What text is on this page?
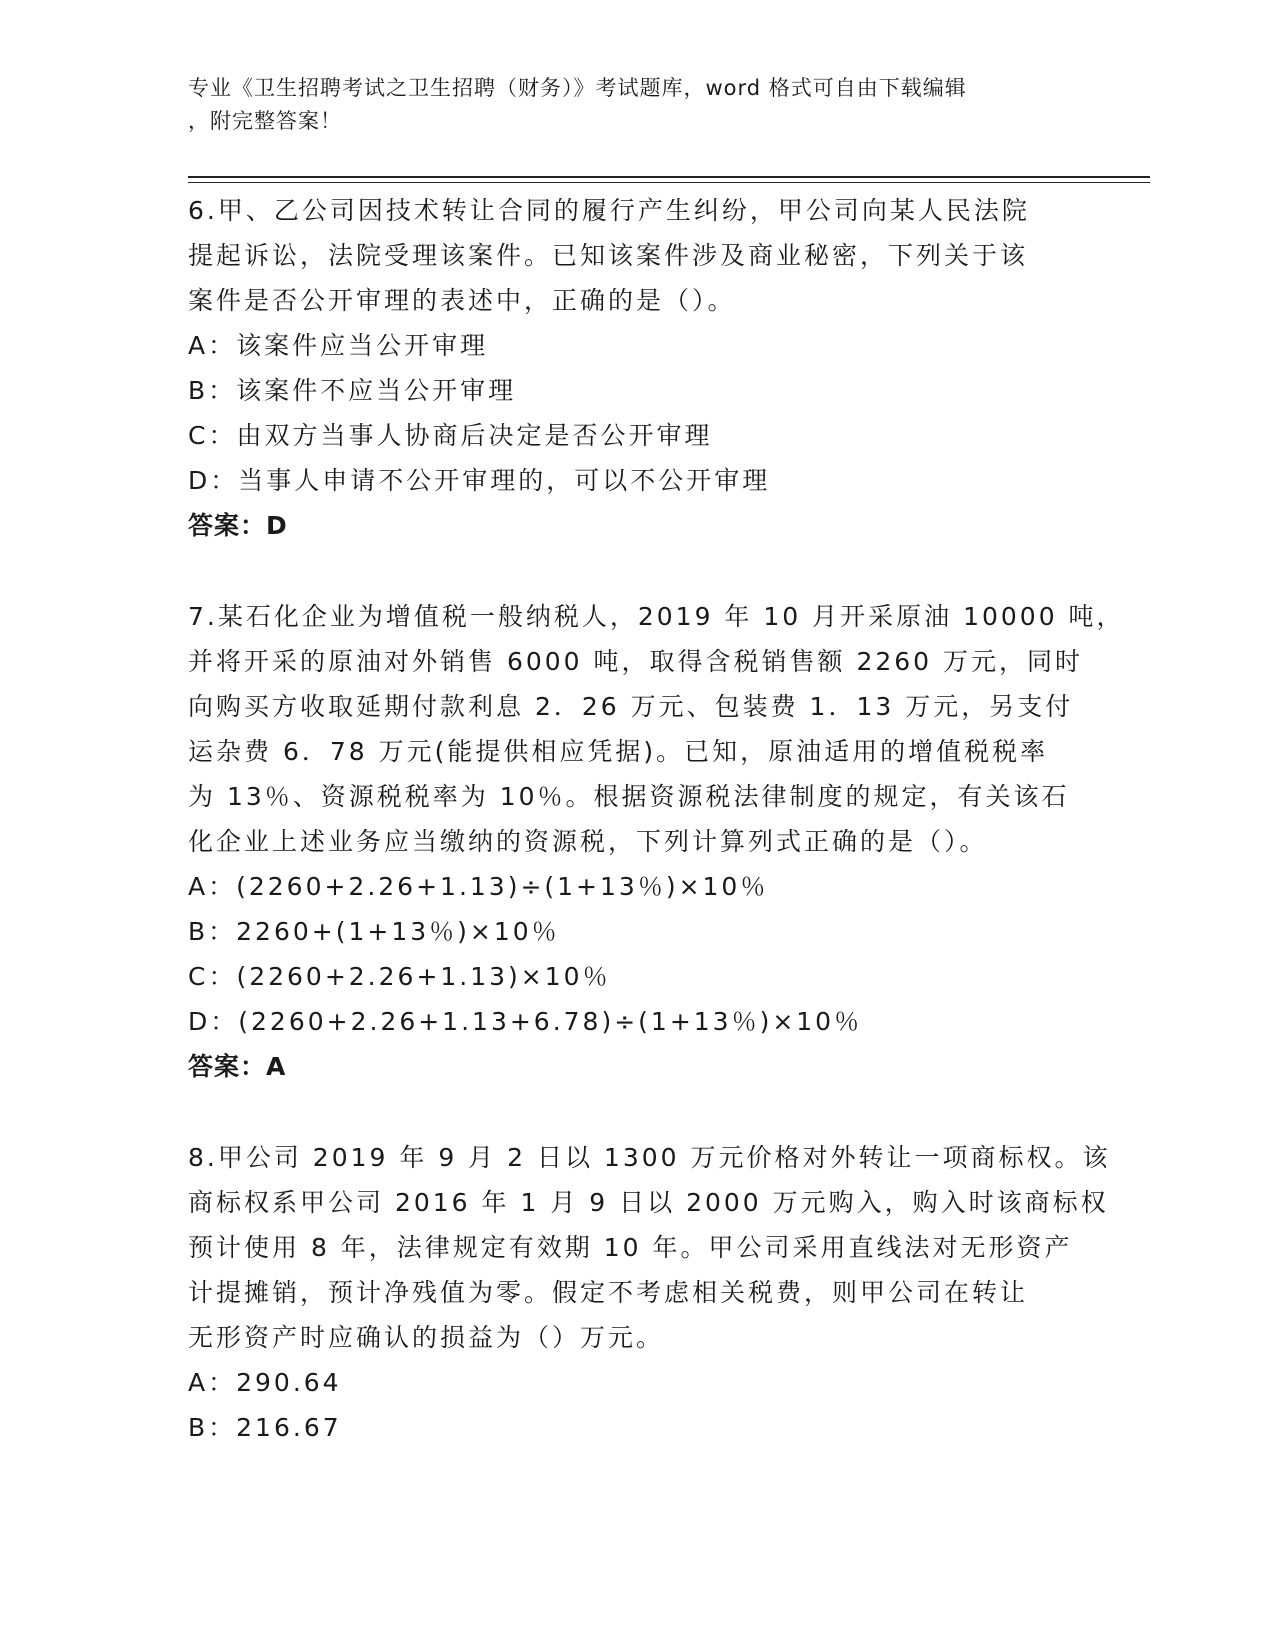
专业《卫生招聘考试之卫生招聘（财务）》考试题库，word 格式可自由下载编辑
，附完整答案！
6.甲、乙公司因技术转让合同的履行产生纠纷，甲公司向某人民法院
提起诉讼，法院受理该案件。已知该案件涉及商业秘密，下列关于该
案件是否公开审理的表述中，正确的是（）。
A：该案件应当公开审理
B：该案件不应当公开审理
C：由双方当事人协商后决定是否公开审理
D：当事人申请不公开审理的，可以不公开审理
答案：D
7.某石化企业为增值税一般纳税人，2019 年 10 月开采原油 10000 吨，
并将开采的原油对外销售 6000 吨，取得含税销售额 2260 万元，同时
向购买方收取延期付款利息 2．26 万元、包装费 1．13 万元，另支付
运杂费 6．78 万元(能提供相应凭据)。已知，原油适用的增值税税率
为 13％、资源税税率为 10％。根据资源税法律制度的规定，有关该石
化企业上述业务应当缴纳的资源税，下列计算列式正确的是（）。
A：(2260+2.26+1.13)÷(1+13％)×10％
B：2260+(1+13％)×10％
C：(2260+2.26+1.13)×10％
D：(2260+2.26+1.13+6.78)÷(1+13％)×10％
答案：A
8.甲公司 2019 年 9 月 2 日以 1300 万元价格对外转让一项商标权。该
商标权系甲公司 2016 年 1 月 9 日以 2000 万元购入，购入时该商标权
预计使用 8 年，法律规定有效期 10 年。甲公司采用直线法对无形资产
计提摊销，预计净残值为零。假定不考虑相关税费，则甲公司在转让
无形资产时应确认的损益为（）万元。
A：290.64
B：216.67
